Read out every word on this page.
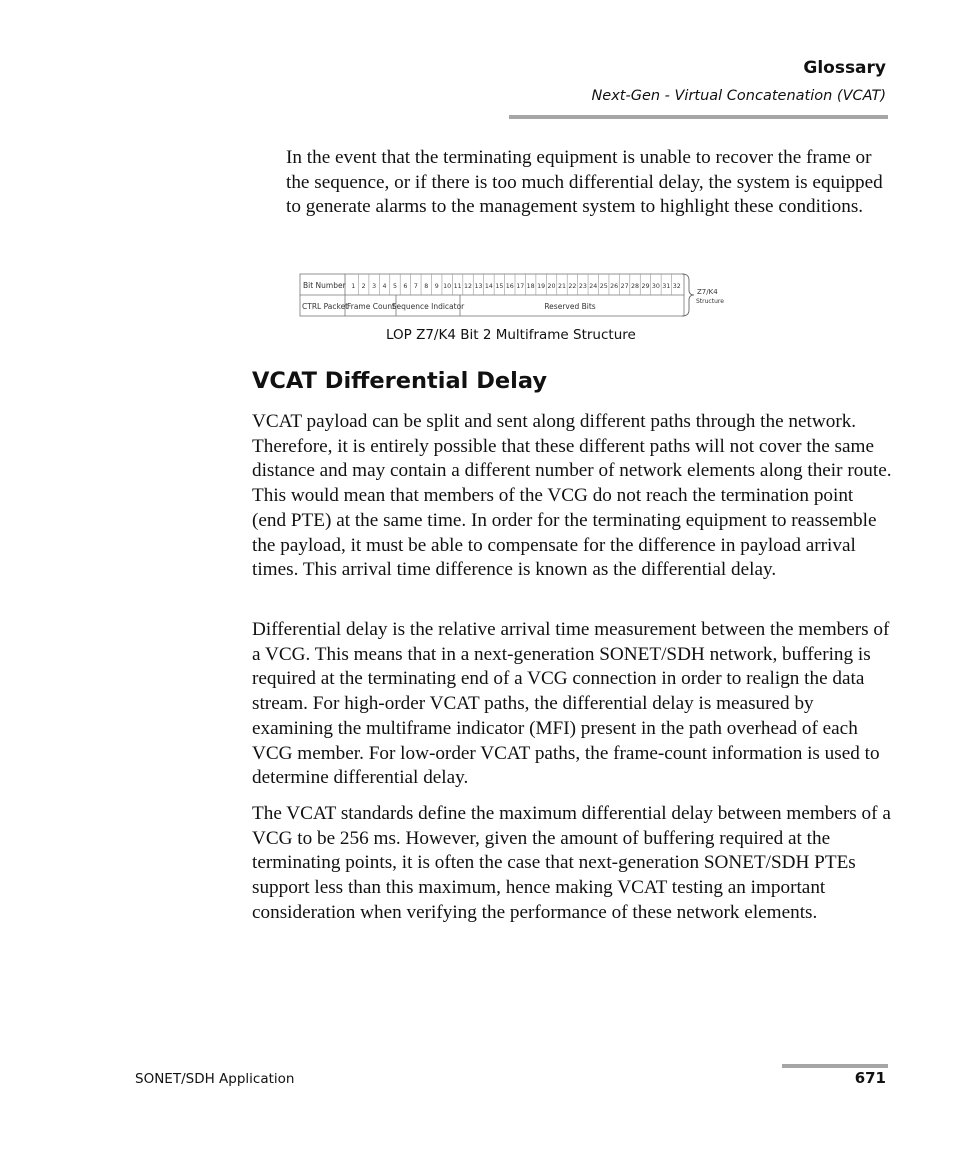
Glossary
Next-Gen - Virtual Concatenation (VCAT)

In the event that the terminating equipment is unable to recover the frame or the sequence, or if there is too much differential delay, the system is equipped to generate alarms to the management system to highlight these conditions.

1 2 3 4 5 6 7 8 9 10 11 12 13 14 15 16 17 18 19 20 21 22 23 24 25 26 27 28 29 30 31 32
Bit Number
CTRL Packet
Frame Count
Sequence Indicator	Reserved Bits
Z7/K4
Structure
LOP Z7/K4 Bit 2 Multiframe Structure
VCAT Differential Delay

VCAT payload can be split and sent along different paths through the network. Therefore, it is entirely possible that these different paths will not cover the same distance and may contain a different number of network elements along their route. This would mean that members of the VCG do not reach the termination point (end PTE) at the same time. In order for the terminating equipment to reassemble the payload, it must be able to compensate for the difference in payload arrival times. This arrival time difference is known as the differential delay.

Differential delay is the relative arrival time measurement between the members of a VCG. This means that in a next-generation SONET/SDH network, buffering is required at the terminating end of a VCG connection in order to realign the data stream. For high-order VCAT paths, the differential delay is measured by examining the multiframe indicator (MFI) present in the path overhead of each VCG member. For low-order VCAT paths, the frame-count information is used to determine differential delay.

The VCAT standards define the maximum differential delay between members of a VCG to be 256 ms. However, given the amount of buffering required at the terminating points, it is often the case that next-generation SONET/SDH PTEs support less than this maximum, hence making VCAT testing an important consideration when verifying the performance of these network elements.

SONET/SDH Application	671
